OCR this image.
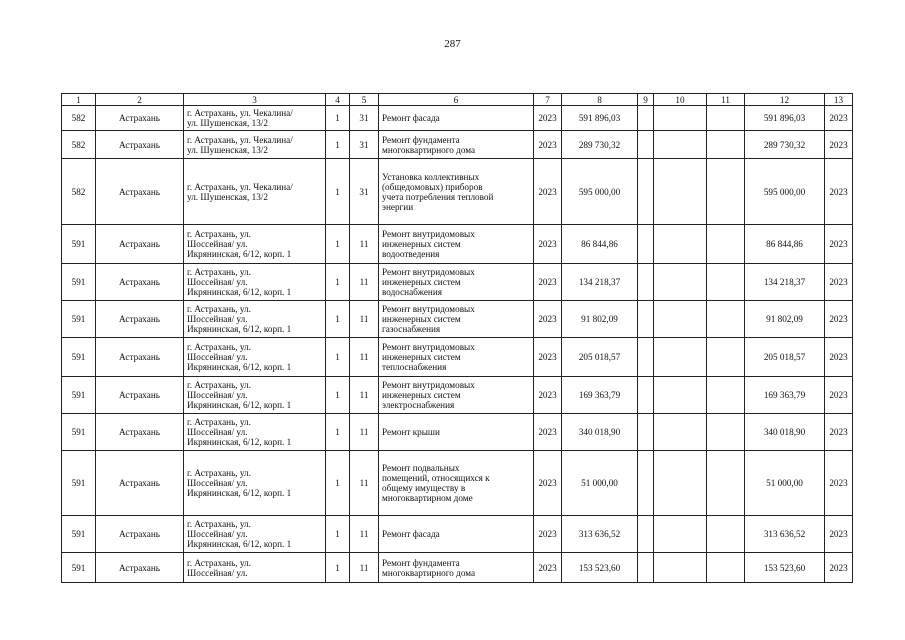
287
1	2	3	4	5	6	7	8	9	10	11	12	13
582	Астрахань	г. Астрахань, ул. Чекалина/
ул. Шушенская, 13/2	1	31	Ремонт фасада	2023	591 896,03				591 896,03	2023
582	Астрахань	г. Астрахань, ул. Чекалина/
ул. Шушенская, 13/2	1	31	Ремонт фундамента
многоквартирного дома	2023	289 730,32				289 730,32	2023
582	Астрахань	г. Астрахань, ул. Чекалина/
ул. Шушенская, 13/2	1	31	Установка коллективных
(общедомовых) приборов
учета потребления тепловой
энергии	2023	595 000,00				595 000,00	2023
591	Астрахань	г. Астрахань, ул.
Шоссейная/ ул.
Икрянинская, 6/12, корп. 1	1	11	Ремонт внутридомовых
инженерных систем
водоотведения	2023	86 844,86				86 844,86	2023
591	Астрахань	г. Астрахань, ул.
Шоссейная/ ул.
Икрянинская, 6/12, корп. 1	1	11	Ремонт внутридомовых
инженерных систем
водоснабжения	2023	134 218,37				134 218,37	2023
591	Астрахань	г. Астрахань, ул.
Шоссейная/ ул.
Икрянинская, 6/12, корп. 1	1	11	Ремонт внутридомовых
инженерных систем
газоснабжения	2023	91 802,09				91 802,09	2023
591	Астрахань	г. Астрахань, ул.
Шоссейная/ ул.
Икрянинская, 6/12, корп. 1	1	11	Ремонт внутридомовых
инженерных систем
теплоснабжения	2023	205 018,57				205 018,57	2023
591	Астрахань	г. Астрахань, ул.
Шоссейная/ ул.
Икрянинская, 6/12, корп. 1	1	11	Ремонт внутридомовых
инженерных систем
электроснабжения	2023	169 363,79				169 363,79	2023
591	Астрахань	г. Астрахань, ул.
Шоссейная/ ул.
Икрянинская, 6/12, корп. 1	1	11	Ремонт крыши	2023	340 018,90				340 018,90	2023
591	Астрахань	г. Астрахань, ул.
Шоссейная/ ул.
Икрянинская, 6/12, корп. 1	1	11	Ремонт подвальных
помещений, относящихся к
общему имуществу в
многоквартирном доме	2023	51 000,00				51 000,00	2023
591	Астрахань	г. Астрахань, ул.
Шоссейная/ ул.
Икрянинская, 6/12, корп. 1	1	11	Ремонт фасада	2023	313 636,52				313 636,52	2023
591	Астрахань	г. Астрахань, ул.
Шоссейная/ ул.	1	11	Ремонт фундамента
многоквартирного дома	2023	153 523,60				153 523,60	2023
